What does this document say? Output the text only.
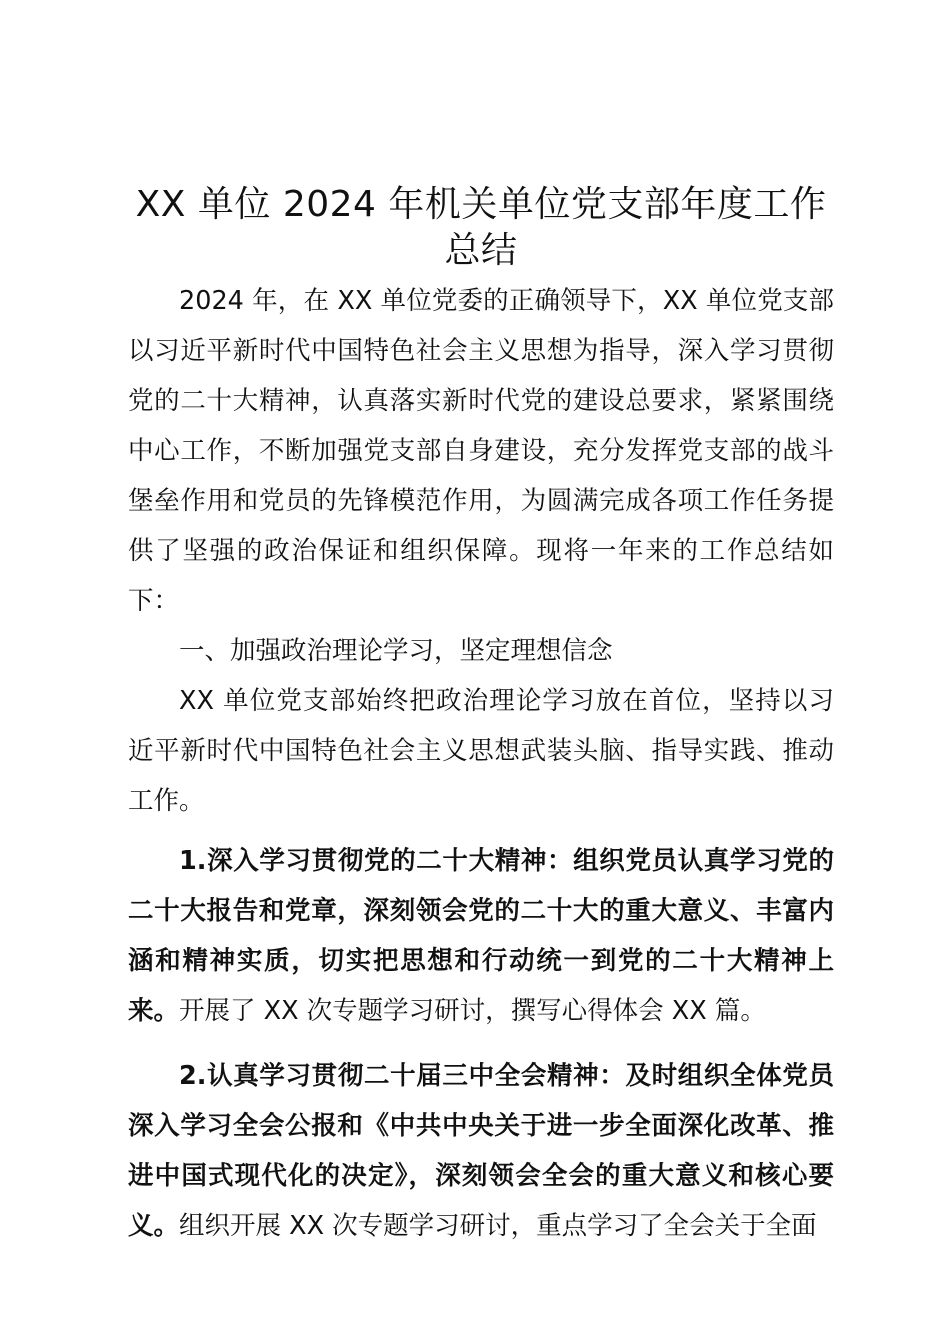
XX 单位 2024 年机关单位党支部年度工作总结

2024 年，在 XX 单位党委的正确领导下，XX 单位党支部以习近平新时代中国特色社会主义思想为指导，深入学习贯彻党的二十大精神，认真落实新时代党的建设总要求，紧紧围绕中心工作，不断加强党支部自身建设，充分发挥党支部的战斗堡垒作用和党员的先锋模范作用，为圆满完成各项工作任务提供了坚强的政治保证和组织保障。现将一年来的工作总结如下：

一、加强政治理论学习，坚定理想信念

XX 单位党支部始终把政治理论学习放在首位，坚持以习近平新时代中国特色社会主义思想武装头脑、指导实践、推动工作。

1.深入学习贯彻党的二十大精神：组织党员认真学习党的二十大报告和党章，深刻领会党的二十大的重大意义、丰富内涵和精神实质，切实把思想和行动统一到党的二十大精神上来。开展了 XX 次专题学习研讨，撰写心得体会 XX 篇。

2.认真学习贯彻二十届三中全会精神：及时组织全体党员深入学习全会公报和《中共中央关于进一步全面深化改革、推进中国式现代化的决定》，深刻领会全会的重大意义和核心要义。组织开展 XX 次专题学习研讨，重点学习了全会关于全面
